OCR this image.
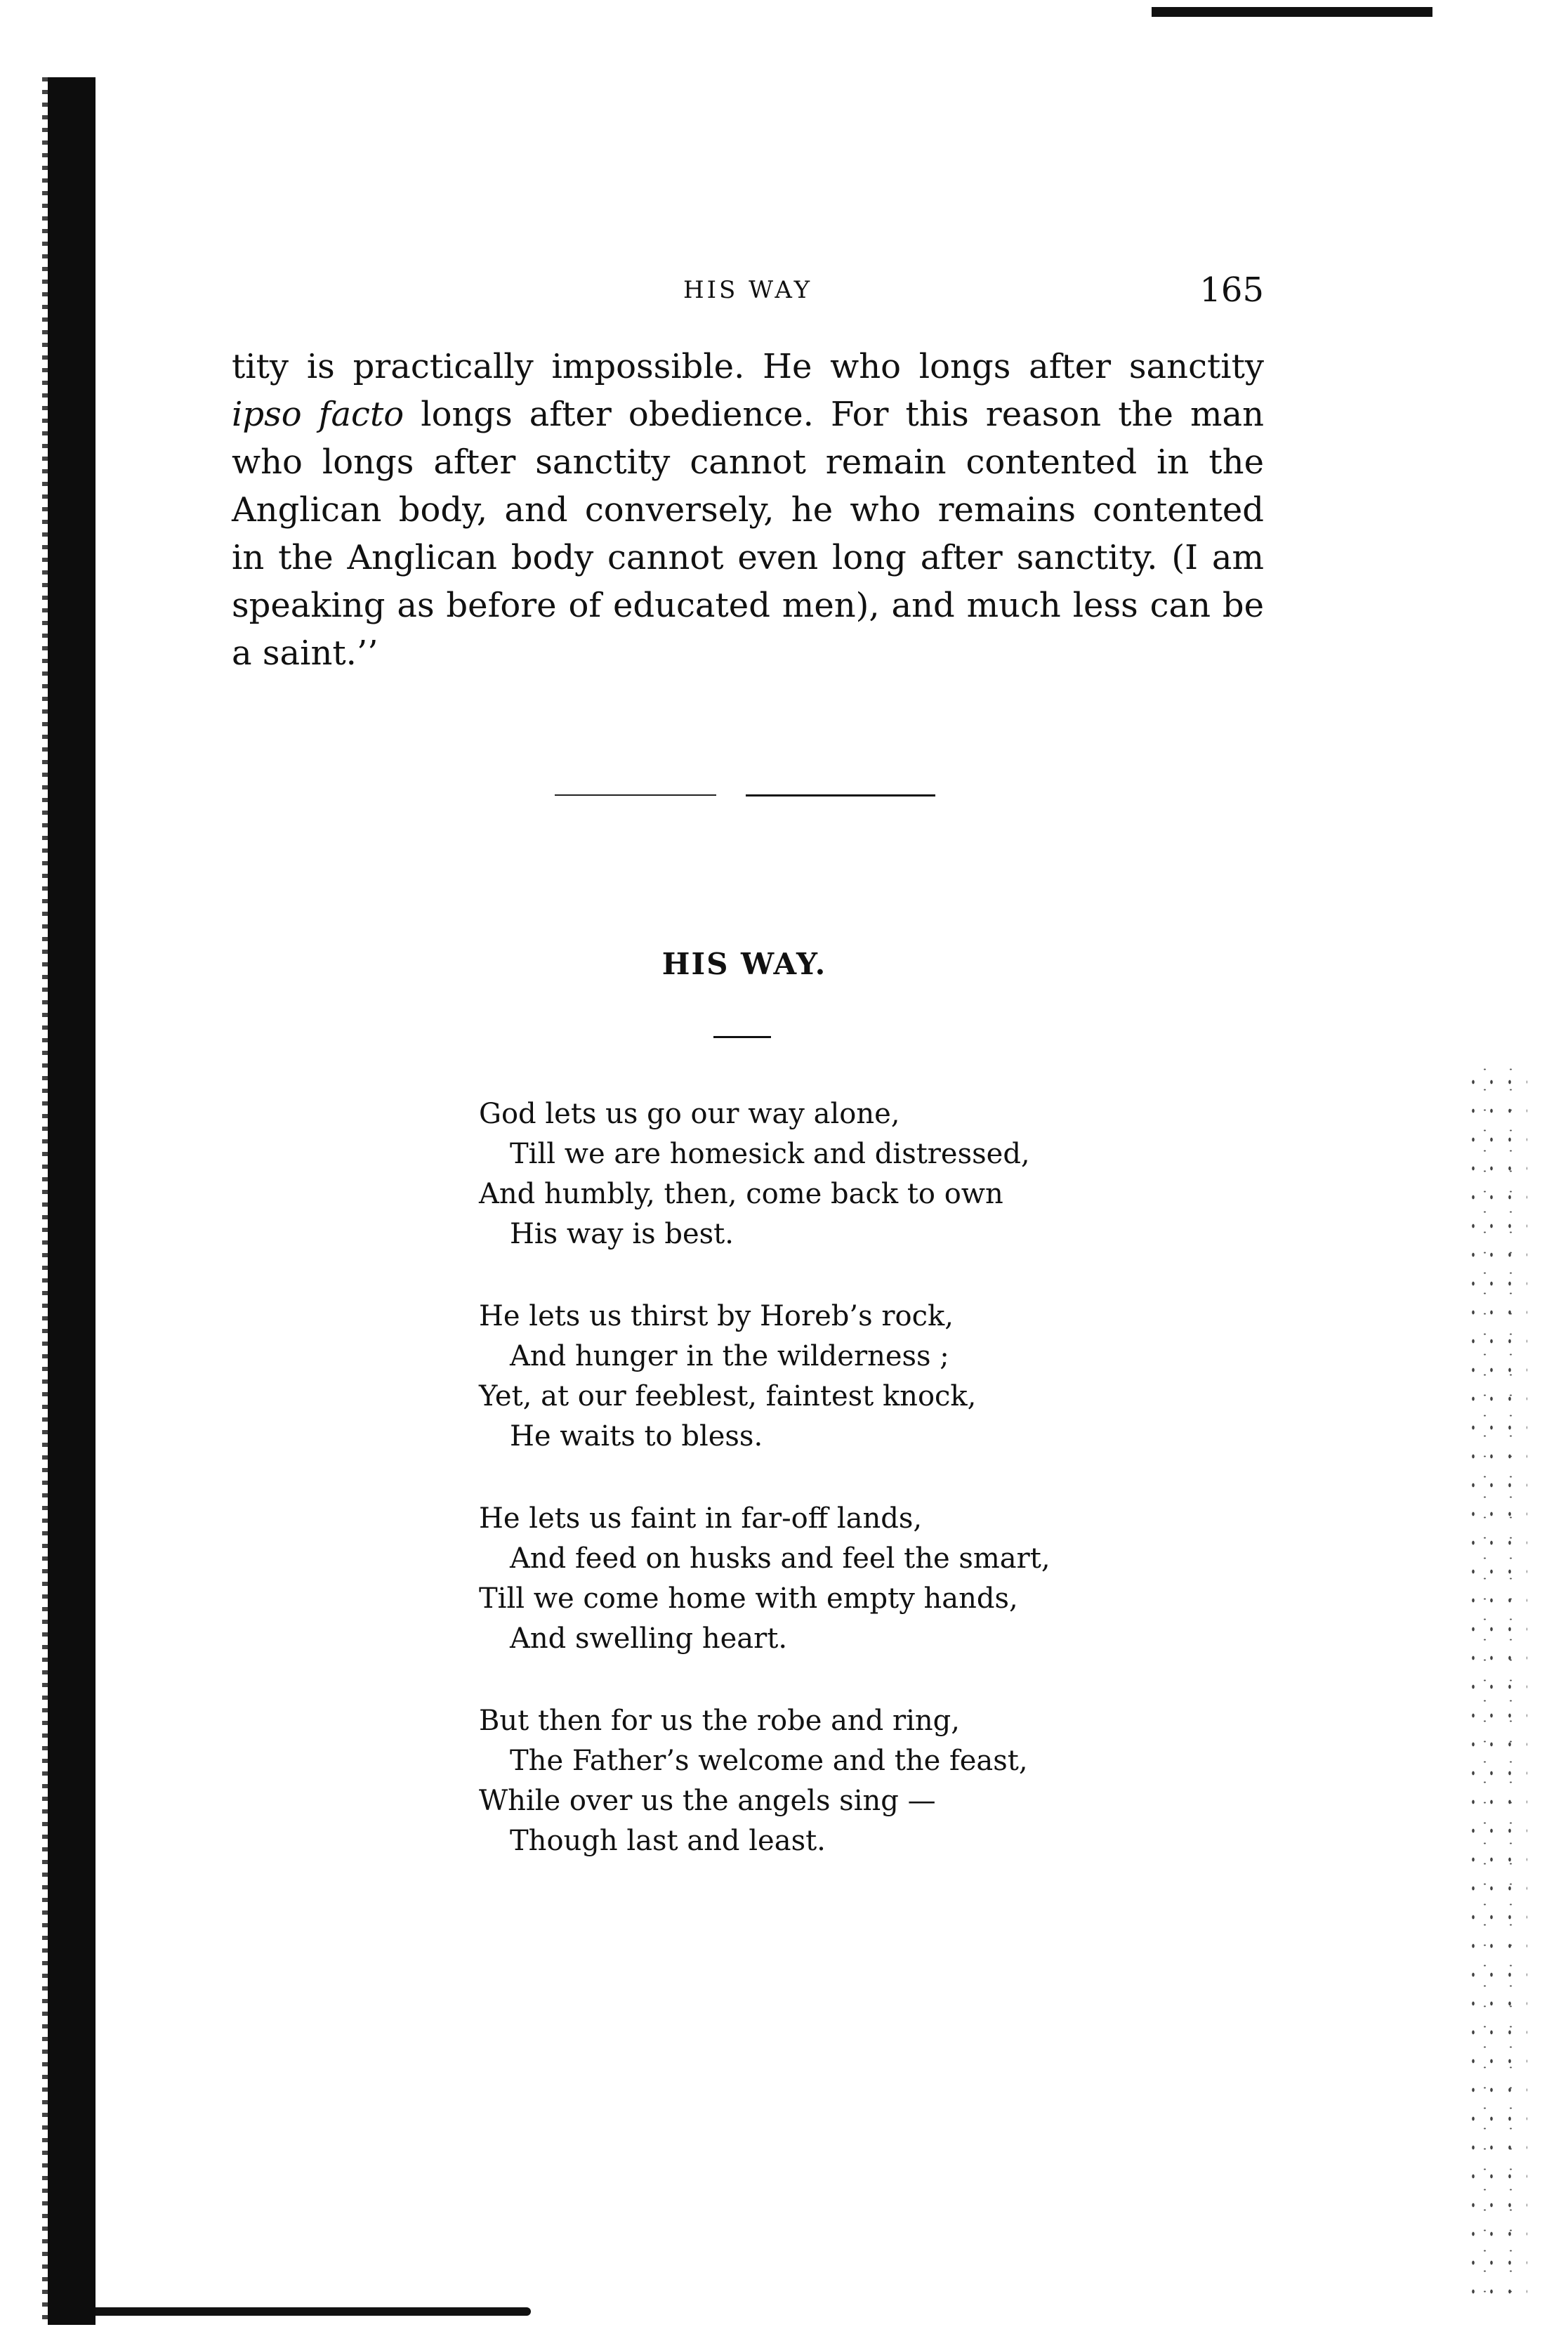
HIS WAY	165
tity is practically impossible. He who longs after sanctity
ipso facto longs after obedience. For this reason the man
who longs after sanctity cannot remain contented in the
Anglican body, and conversely, he who remains contented
in the Anglican body cannot even long after sanctity. (I am
speaking as before of educated men), and much less can be
a saint.’’
HIS WAY.
God lets us go our way alone,
Till we are homesick and distressed,
And humbly, then, come back to own
His way is best.
He lets us thirst by Horeb’s rock,
And hunger in the wilderness ;
Yet, at our feeblest, faintest knock,
He waits to bless.
He lets us faint in far-off lands,
And feed on husks and feel the smart,
Till we come home with empty hands,
And swelling heart.
But then for us the robe and ring,
The Father’s welcome and the feast,
While over us the angels sing —
Though last and least.
